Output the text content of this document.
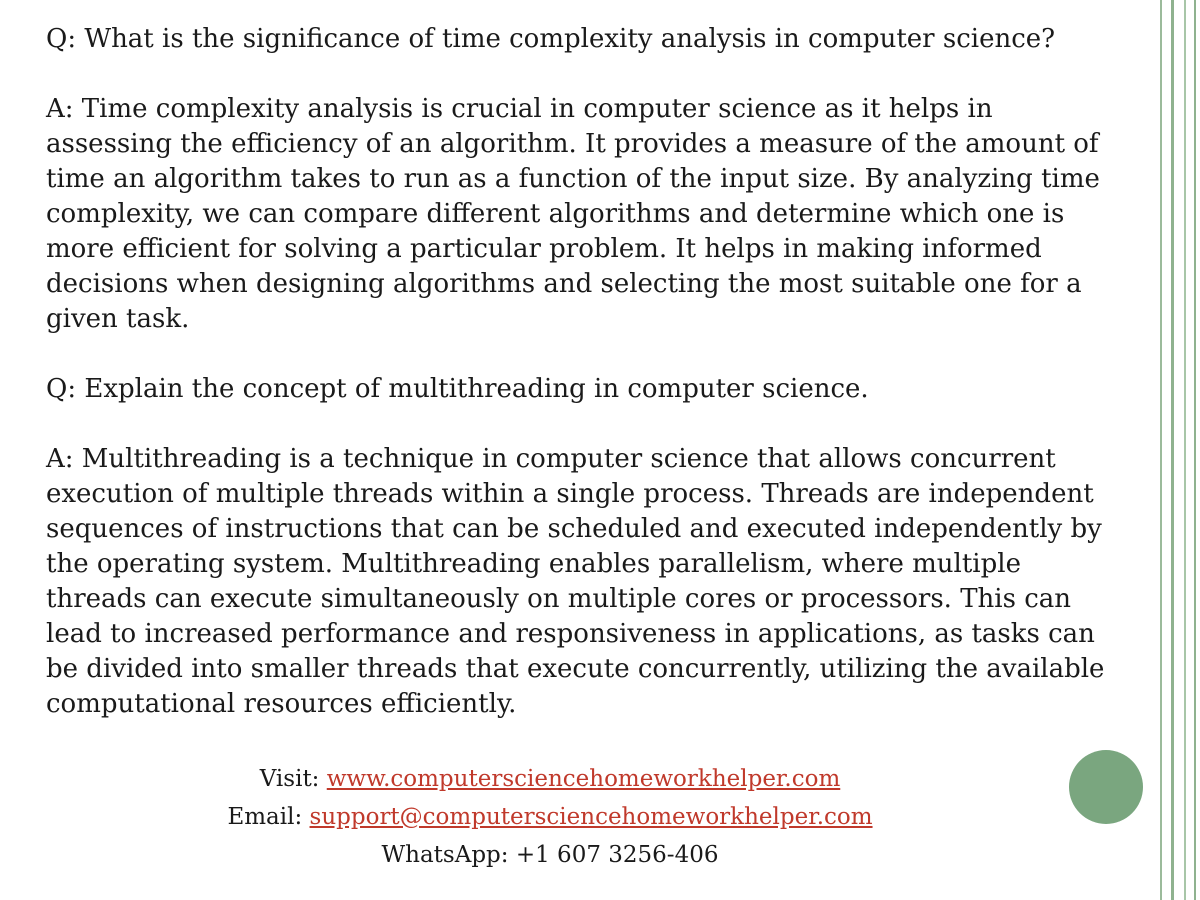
Q: What is the significance of time complexity analysis in computer science?

A: Time complexity analysis is crucial in computer science as it helps in assessing the efficiency of an algorithm. It provides a measure of the amount of time an algorithm takes to run as a function of the input size. By analyzing time complexity, we can compare different algorithms and determine which one is more efficient for solving a particular problem. It helps in making informed decisions when designing algorithms and selecting the most suitable one for a given task.

Q: Explain the concept of multithreading in computer science.

A: Multithreading is a technique in computer science that allows concurrent execution of multiple threads within a single process. Threads are independent sequences of instructions that can be scheduled and executed independently by the operating system. Multithreading enables parallelism, where multiple threads can execute simultaneously on multiple cores or processors. This can lead to increased performance and responsiveness in applications, as tasks can be divided into smaller threads that execute concurrently, utilizing the available computational resources efficiently.

Visit: www.computersciencehomeworkhelper.com
Email: support@computersciencehomeworkhelper.com
WhatsApp: +1 607 3256-406
